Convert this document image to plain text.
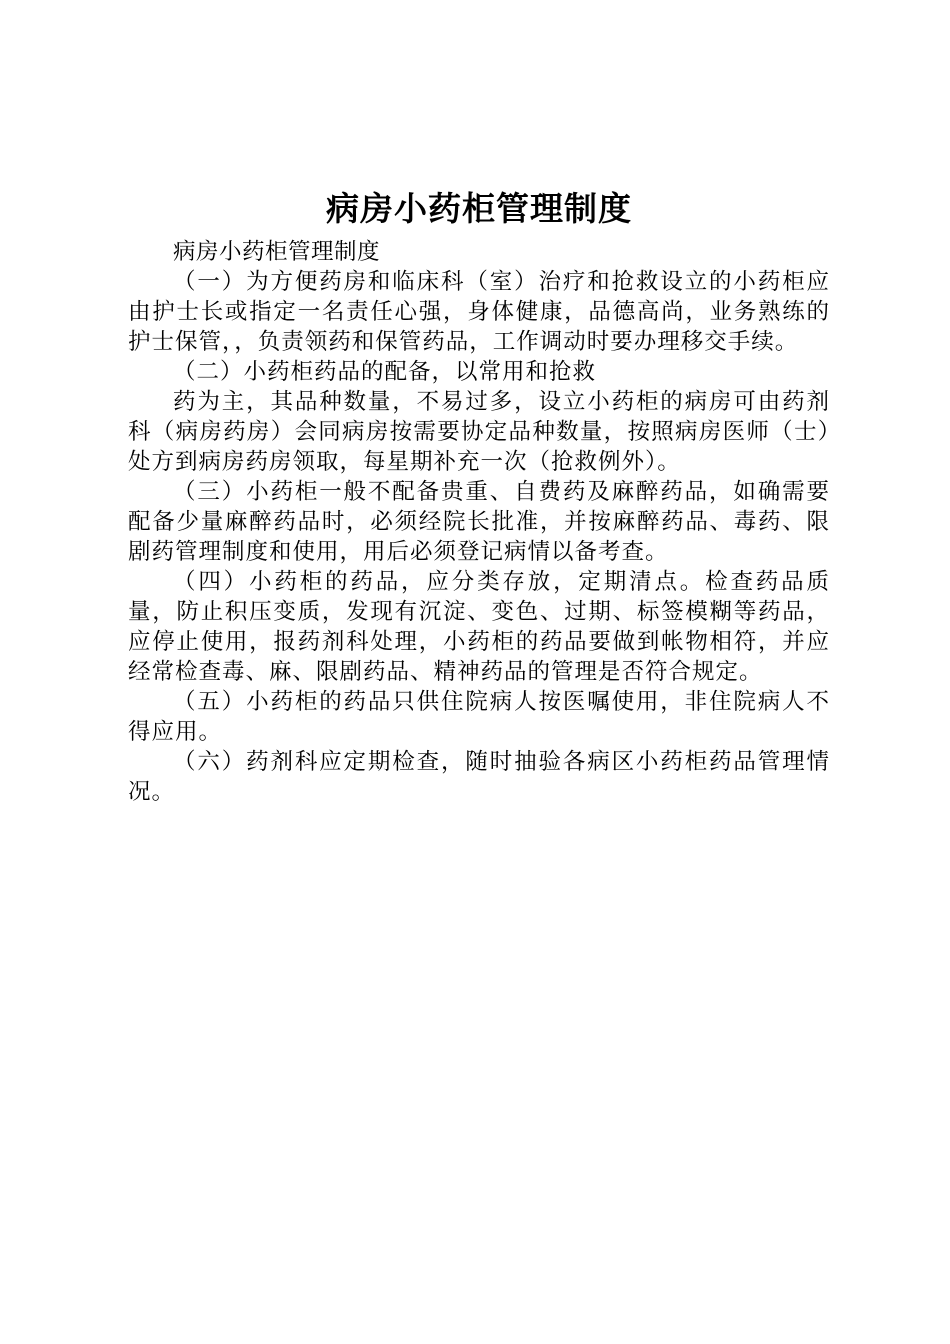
病房小药柜管理制度

病房小药柜管理制度

（一）为方便药房和临床科（室）治疗和抢救设立的小药柜应由护士长或指定一名责任心强，身体健康，品德高尚，业务熟练的护士保管，，负责领药和保管药品，工作调动时要办理移交手续。

（二）小药柜药品的配备，以常用和抢救

药为主，其品种数量，不易过多，设立小药柜的病房可由药剂科（病房药房）会同病房按需要协定品种数量，按照病房医师（士）处方到病房药房领取，每星期补充一次（抢救例外）。

（三）小药柜一般不配备贵重、自费药及麻醉药品，如确需要配备少量麻醉药品时，必须经院长批准，并按麻醉药品、毒药、限剧药管理制度和使用，用后必须登记病情以备考查。

（四）小药柜的药品，应分类存放，定期清点。检查药品质量，防止积压变质，发现有沉淀、变色、过期、标签模糊等药品，应停止使用，报药剂科处理，小药柜的药品要做到帐物相符，并应经常检查毒、麻、限剧药品、精神药品的管理是否符合规定。

（五）小药柜的药品只供住院病人按医嘱使用，非住院病人不得应用。

（六）药剂科应定期检查，随时抽验各病区小药柜药品管理情况。
